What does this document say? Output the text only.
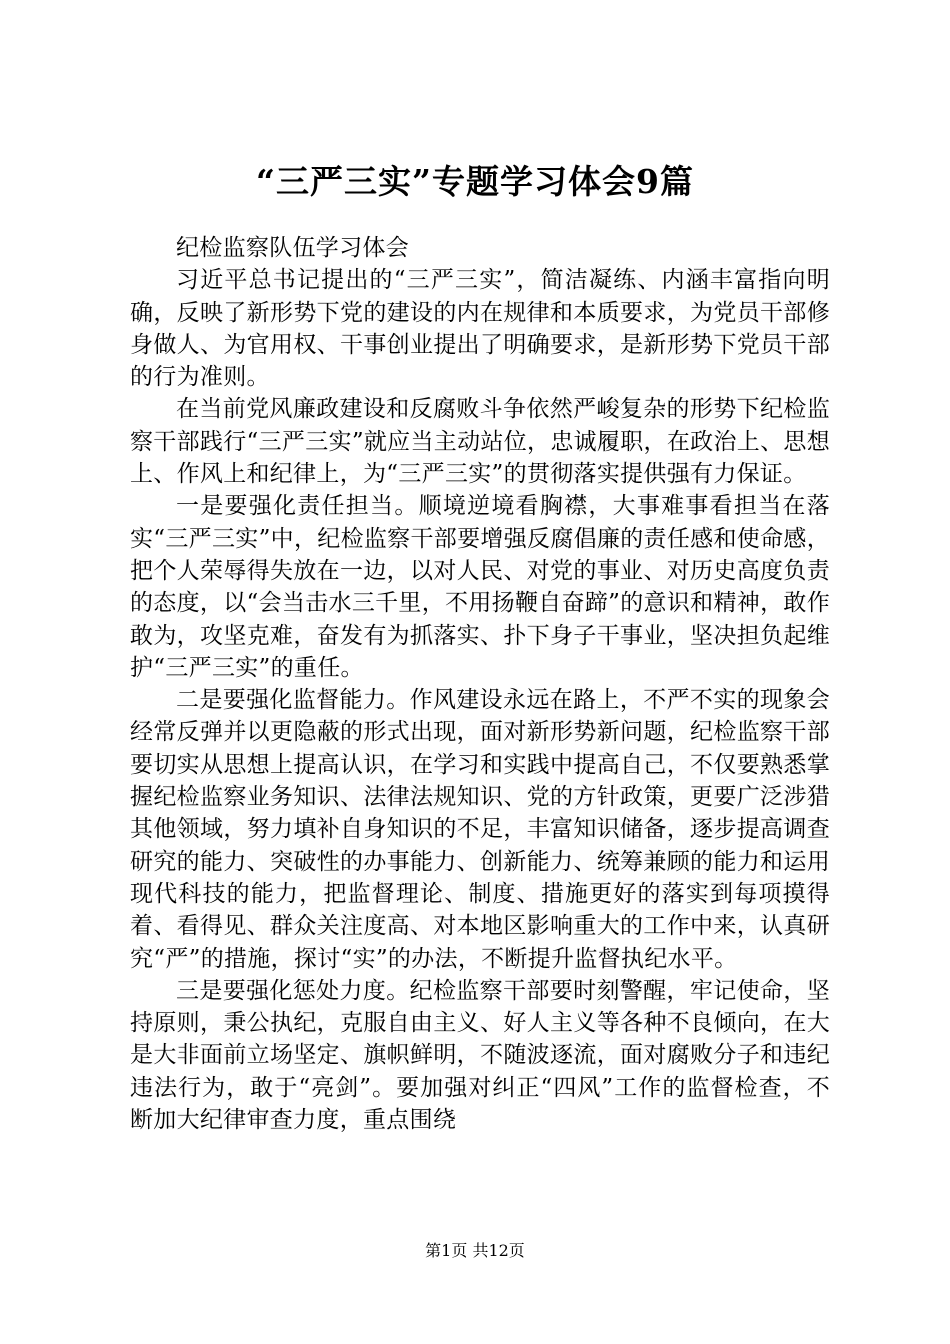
“三严三实”专题学习体会9篇

纪检监察队伍学习体会

习近平总书记提出的“三严三实”，简洁凝练、内涵丰富指向明确，反映了新形势下党的建设的内在规律和本质要求，为党员干部修身做人、为官用权、干事创业提出了明确要求，是新形势下党员干部的行为准则。

在当前党风廉政建设和反腐败斗争依然严峻复杂的形势下纪检监察干部践行“三严三实”就应当主动站位，忠诚履职，在政治上、思想上、作风上和纪律上，为“三严三实”的贯彻落实提供强有力保证。

一是要强化责任担当。顺境逆境看胸襟，大事难事看担当在落实“三严三实”中，纪检监察干部要增强反腐倡廉的责任感和使命感，把个人荣辱得失放在一边，以对人民、对党的事业、对历史高度负责的态度，以“会当击水三千里，不用扬鞭自奋蹄”的意识和精神，敢作敢为，攻坚克难，奋发有为抓落实、扑下身子干事业，坚决担负起维护“三严三实”的重任。

二是要强化监督能力。作风建设永远在路上，不严不实的现象会经常反弹并以更隐蔽的形式出现，面对新形势新问题，纪检监察干部要切实从思想上提高认识，在学习和实践中提高自己，不仅要熟悉掌握纪检监察业务知识、法律法规知识、党的方针政策，更要广泛涉猎其他领域，努力填补自身知识的不足，丰富知识储备，逐步提高调查研究的能力、突破性的办事能力、创新能力、统筹兼顾的能力和运用现代科技的能力，把监督理论、制度、措施更好的落实到每项摸得着、看得见、群众关注度高、对本地区影响重大的工作中来，认真研究“严”的措施，探讨“实”的办法，不断提升监督执纪水平。

三是要强化惩处力度。纪检监察干部要时刻警醒，牢记使命，坚持原则，秉公执纪，克服自由主义、好人主义等各种不良倾向，在大是大非面前立场坚定、旗帜鲜明，不随波逐流，面对腐败分子和违纪违法行为，敢于“亮剑”。要加强对纠正“四风”工作的监督检查，不断加大纪律审查力度，重点围绕

第1页 共12页
